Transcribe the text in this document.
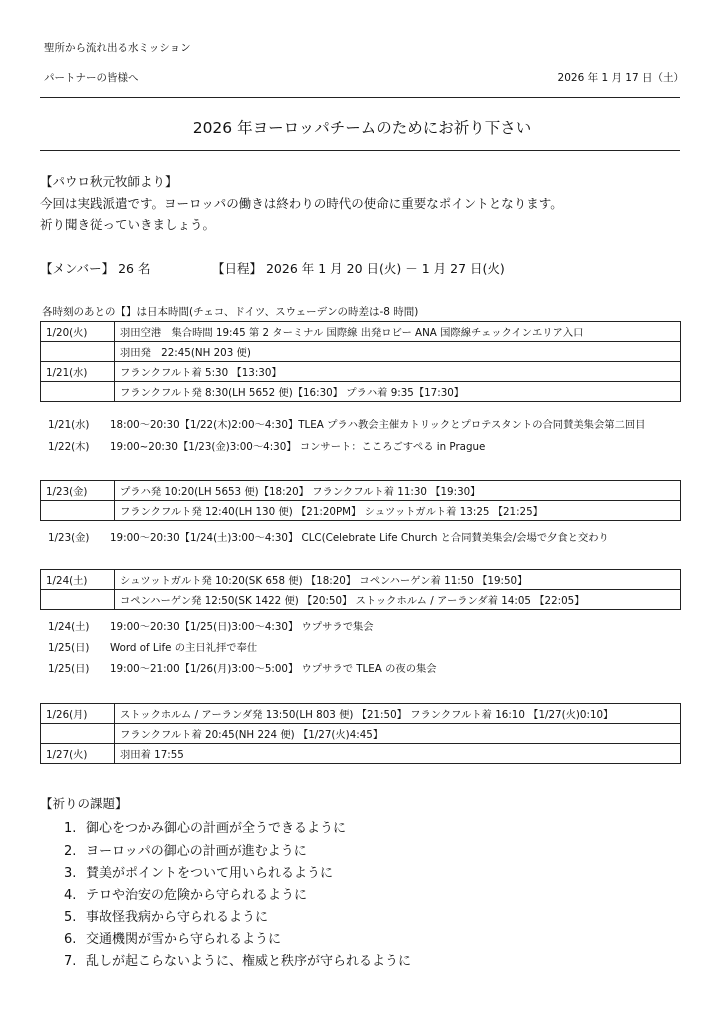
聖所から流れ出る水ミッション
パートナーの皆様へ	2026 年 1 月 17 日（土）
2026 年ヨーロッパチームのためにお祈り下さい
【パウロ秋元牧師より】
今回は実践派遣です。ヨーロッパの働きは終わりの時代の使命に重要なポイントとなります。
祈り聞き従っていきましょう。
【メンバー】 26 名	【日程】 2026 年 1 月 20 日(火) － 1 月 27 日(火)
各時刻のあとの【】は日本時間(チェコ、ドイツ、スウェーデンの時差は-8 時間)
1/20(火)	羽田空港　集合時間 19:45 第 2 ターミナル 国際線 出発ロビー ANA 国際線チェックインエリア入口
	羽田発　22:45(NH 203 便)
1/21(水)	フランクフルト着 5:30 【13:30】
	フランクフルト発 8:30(LH 5652 便)【16:30】 プラハ着 9:35【17:30】
1/21(水) 18:00～20:30【1/22(木)2:00～4:30】TLEA プラハ教会主催カトリックとプロテスタントの合同賛美集会第二回目
1/22(木) 19:00~20:30【1/23(金)3:00～4:30】 コンサート：こころごすぺる in Prague
1/23(金)	プラハ発 10:20(LH 5653 便)【18:20】 フランクフルト着 11:30 【19:30】
	フランクフルト発 12:40(LH 130 便) 【21:20PM】 シュツットガルト着 13:25 【21:25】
1/23(金) 19:00～20:30【1/24(土)3:00～4:30】 CLC(Celebrate Life Church と合同賛美集会/会場で夕食と交わり
1/24(土)	シュツットガルト発 10:20(SK 658 便) 【18:20】 コペンハーゲン着 11:50 【19:50】
	コペンハーゲン発 12:50(SK 1422 便) 【20:50】 ストックホルム / アーランダ着 14:05 【22:05】
1/24(土) 19:00～20:30【1/25(日)3:00～4:30】 ウプサラで集会
1/25(日) Word of Life の主日礼拝で奉仕
1/25(日) 19:00～21:00【1/26(月)3:00～5:00】 ウプサラで TLEA の夜の集会
1/26(月)	ストックホルム / アーランダ発 13:50(LH 803 便) 【21:50】 フランクフルト着 16:10 【1/27(火)0:10】
	フランクフルト着 20:45(NH 224 便) 【1/27(火)4:45】
1/27(火)	羽田着 17:55
【祈りの課題】
1. 御心をつかみ御心の計画が全うできるように
2. ヨーロッパの御心の計画が進むように
3. 賛美がポイントをついて用いられるように
4. テロや治安の危険から守られるように
5. 事故怪我病から守られるように
6. 交通機関が雪から守られるように
7. 乱しが起こらないように、権威と秩序が守られるように
